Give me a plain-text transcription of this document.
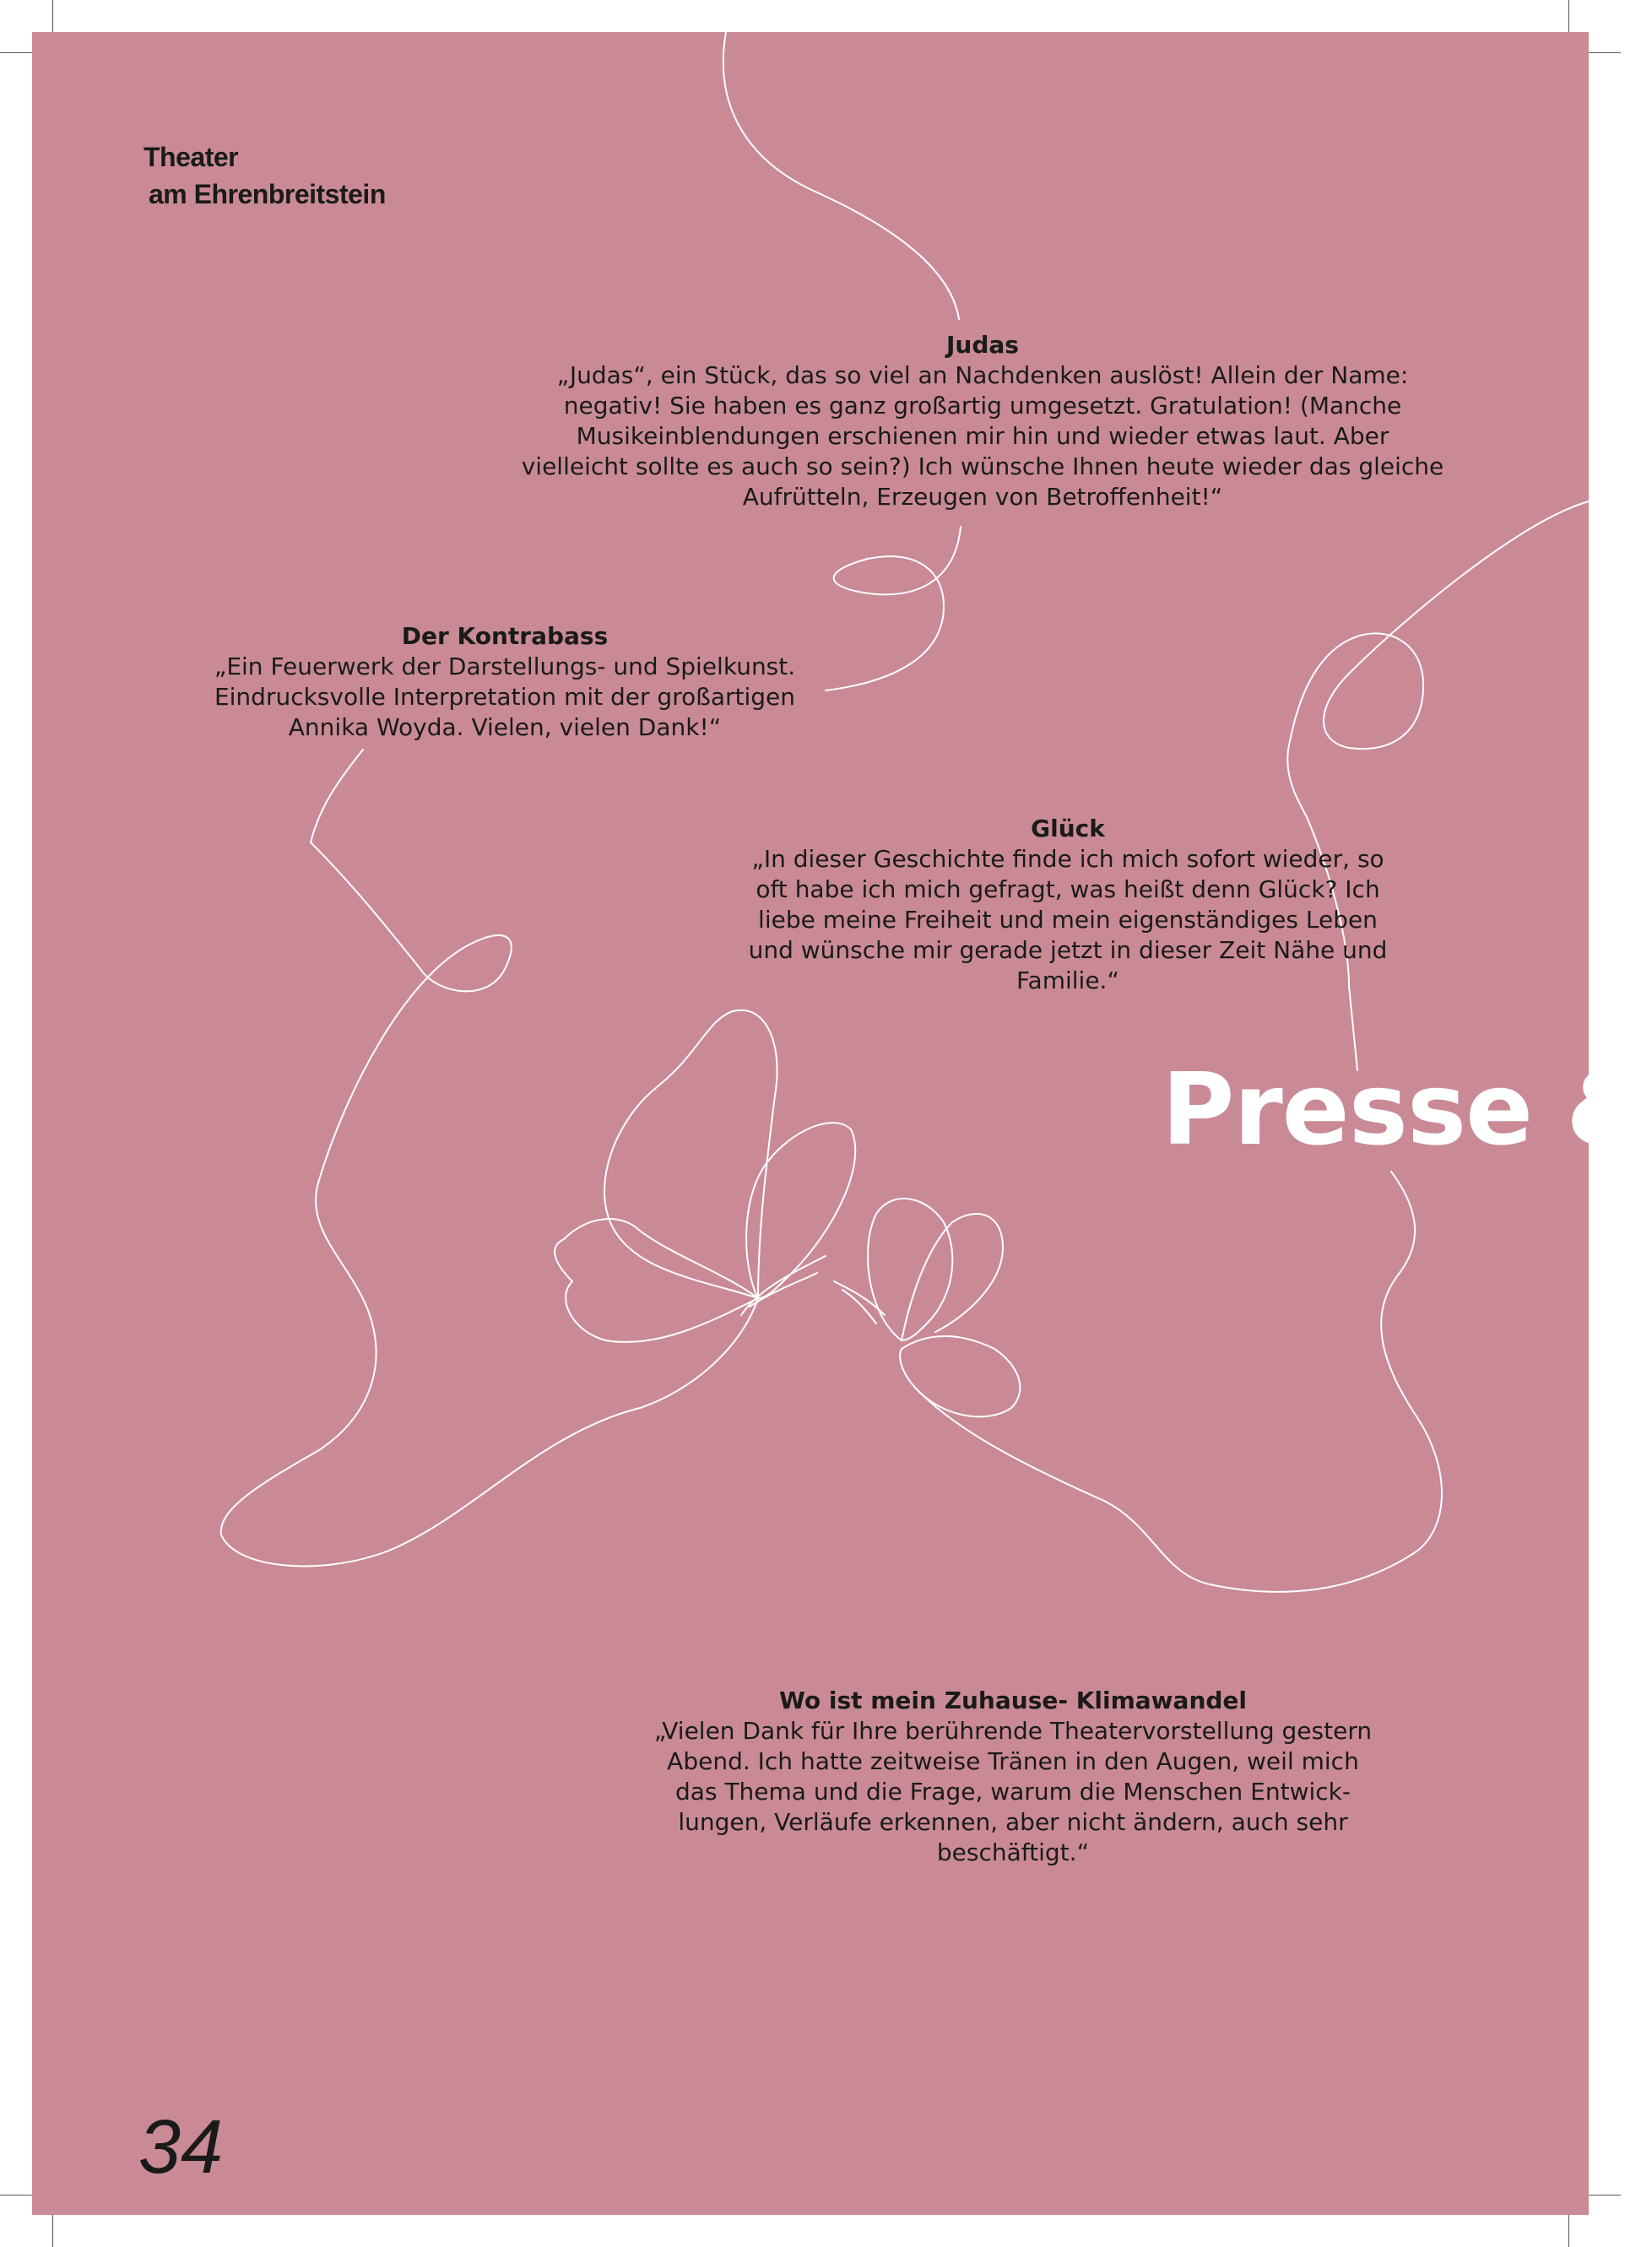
Theater
am Ehrenbreitstein
Judas

„Judas“, ein Stück, das so viel an Nachdenken auslöst! Allein der Name:

negativ! Sie haben es ganz großartig umgesetzt. Gratulation! (Manche

Musikeinblendungen erschienen mir hin und wieder etwas laut. Aber

vielleicht sollte es auch so sein?) Ich wünsche Ihnen heute wieder das gleiche

Aufrütteln, Erzeugen von Betroffenheit!“

Der Kontrabass

„Ein Feuerwerk der Darstellungs- und Spielkunst.

Eindrucksvolle Interpretation mit der großartigen

Annika Woyda. Vielen, vielen Dank!“

Glück

„In dieser Geschichte finde ich mich sofort wieder, so

oft habe ich mich gefragt, was heißt denn Glück? Ich

liebe meine Freiheit und mein eigenständiges Leben

und wünsche mir gerade jetzt in dieser Zeit Nähe und

Familie.“

Wo ist mein Zuhause- Klimawandel

„Vielen Dank für Ihre berührende Theatervorstellung gestern

Abend. Ich hatte zeitweise Tränen in den Augen, weil mich

das Thema und die Frage, warum die Menschen Entwick-

lungen, Verläufe erkennen, aber nicht ändern, auch sehr

beschäftigt.“

Presse &
34
